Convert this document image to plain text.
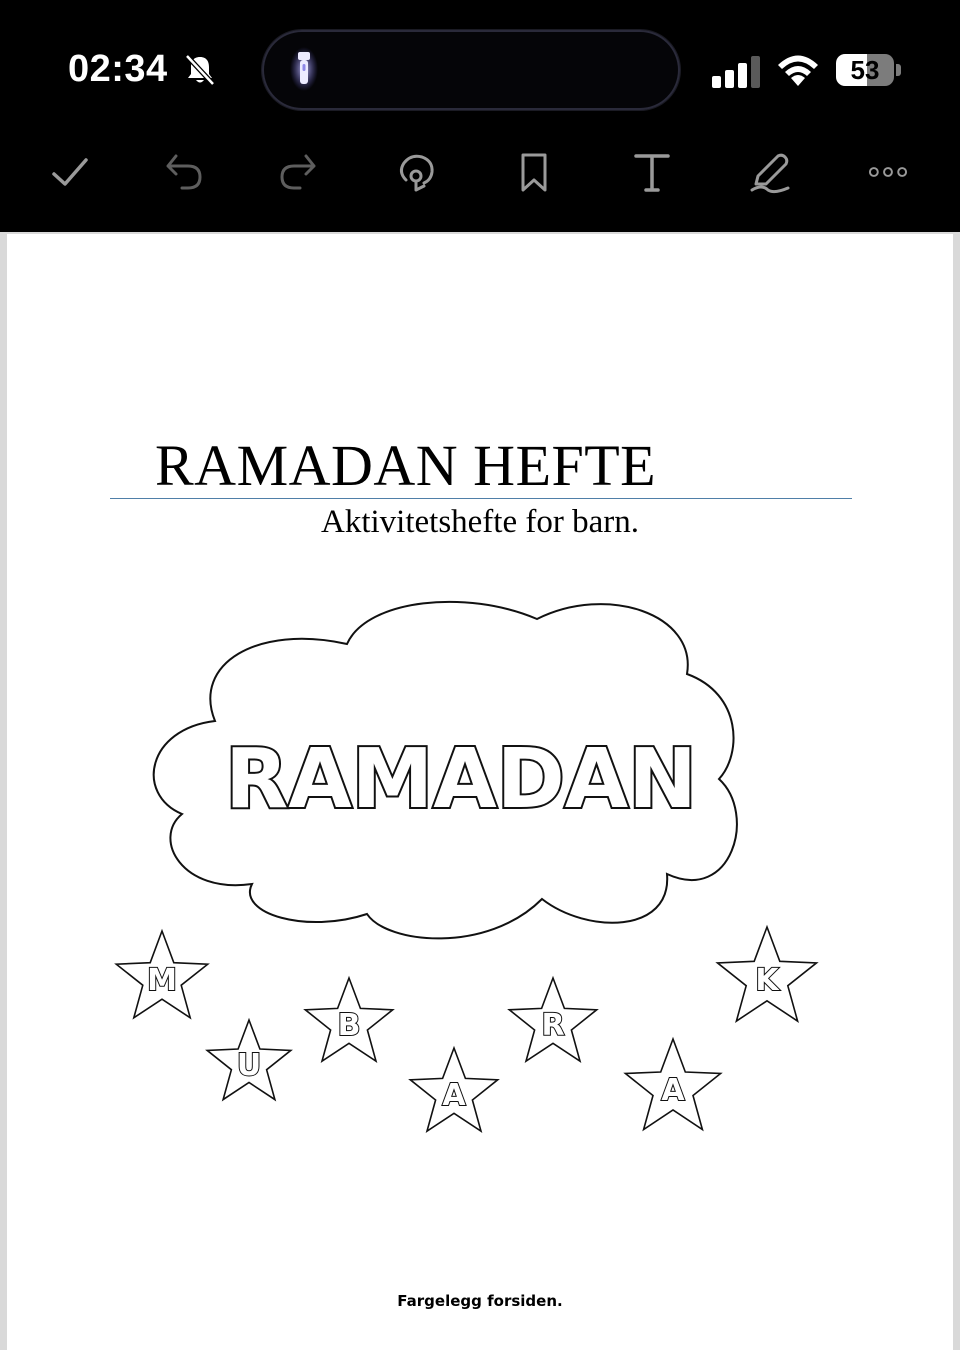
02:34	53
RAMADAN HEFTE
Aktivitetshefte for barn.
RAMADAN
M
U
B
A
R
A
K
Fargelegg forsiden.
